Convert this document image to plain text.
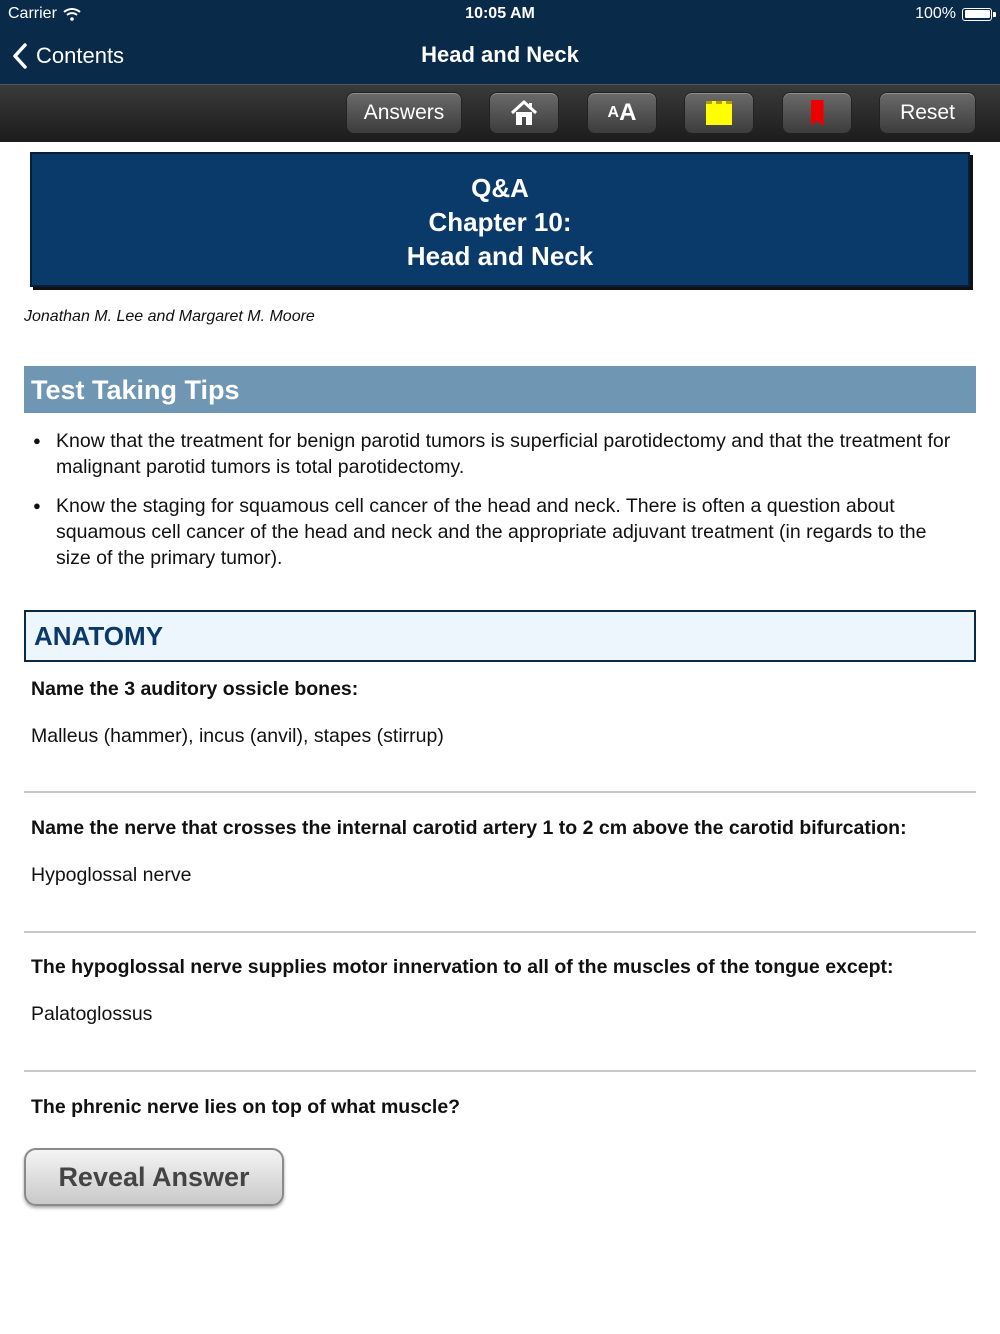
Carrier	10:05 AM	100%
Contents	Head and Neck
Answers	A A	Reset
Q&A
Chapter 10:
Head and Neck
Jonathan M. Lee and Margaret M. Moore
Test Taking Tips
● Know that the treatment for benign parotid tumors is superficial parotidectomy and that the treatment for malignant parotid tumors is total parotidectomy.
● Know the staging for squamous cell cancer of the head and neck. There is often a question about squamous cell cancer of the head and neck and the appropriate adjuvant treatment (in regards to the size of the primary tumor).
ANATOMY
Name the 3 auditory ossicle bones:
Malleus (hammer), incus (anvil), stapes (stirrup)
Name the nerve that crosses the internal carotid artery 1 to 2 cm above the carotid bifurcation:
Hypoglossal nerve
The hypoglossal nerve supplies motor innervation to all of the muscles of the tongue except:
Palatoglossus
The phrenic nerve lies on top of what muscle?
Reveal Answer
